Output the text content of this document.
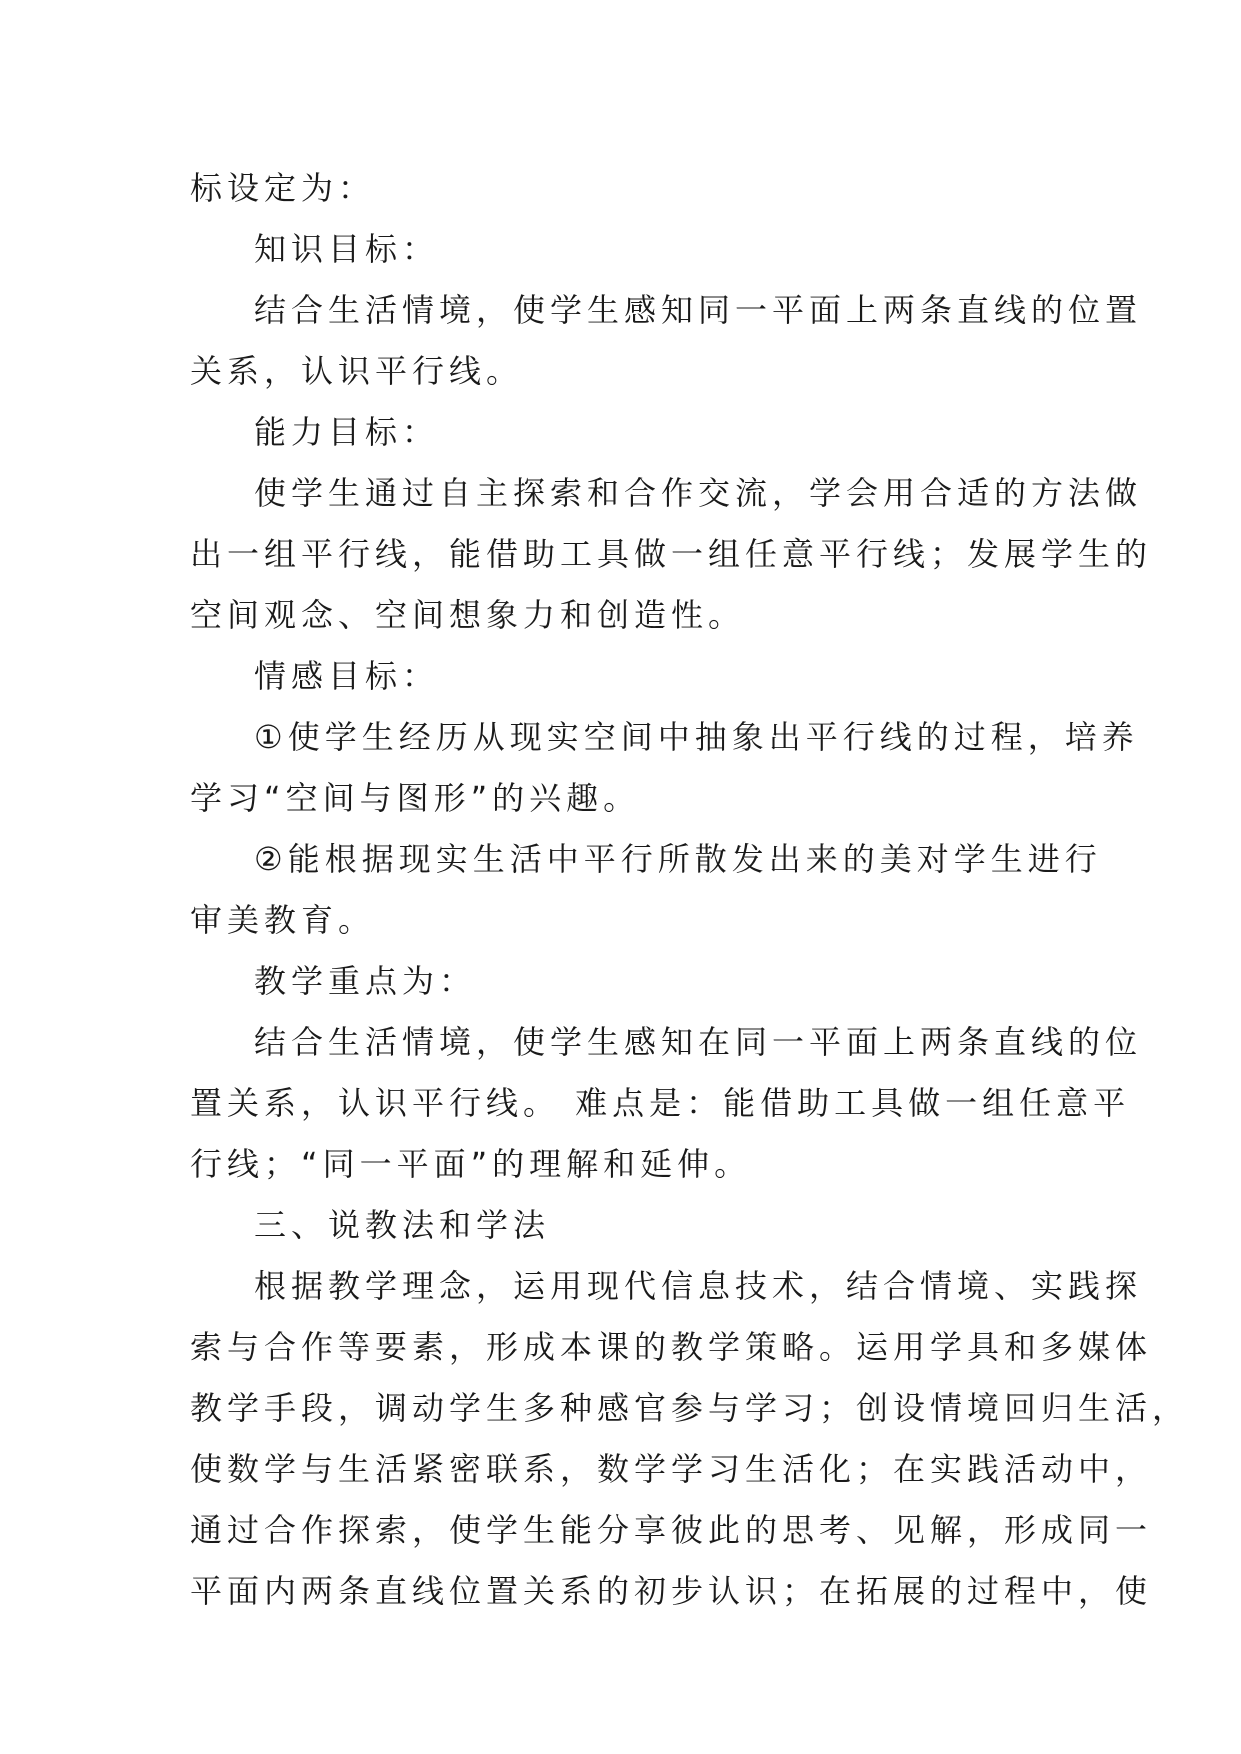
标设定为：
知识目标：
结合生活情境，使学生感知同一平面上两条直线的位置
关系，认识平行线。
能力目标：
使学生通过自主探索和合作交流，学会用合适的方法做
出一组平行线，能借助工具做一组任意平行线；发展学生的
空间观念、空间想象力和创造性。
情感目标：
①使学生经历从现实空间中抽象出平行线的过程，培养
学习“空间与图形”的兴趣。
②能根据现实生活中平行所散发出来的美对学生进行
审美教育。
教学重点为：
结合生活情境，使学生感知在同一平面上两条直线的位
置关系，认识平行线。 难点是：能借助工具做一组任意平
行线；“同一平面”的理解和延伸。
三、说教法和学法
根据教学理念，运用现代信息技术，结合情境、实践探
索与合作等要素，形成本课的教学策略。运用学具和多媒体
教学手段，调动学生多种感官参与学习；创设情境回归生活，
使数学与生活紧密联系，数学学习生活化；在实践活动中，
通过合作探索，使学生能分享彼此的思考、见解，形成同一
平面内两条直线位置关系的初步认识；在拓展的过程中，使
